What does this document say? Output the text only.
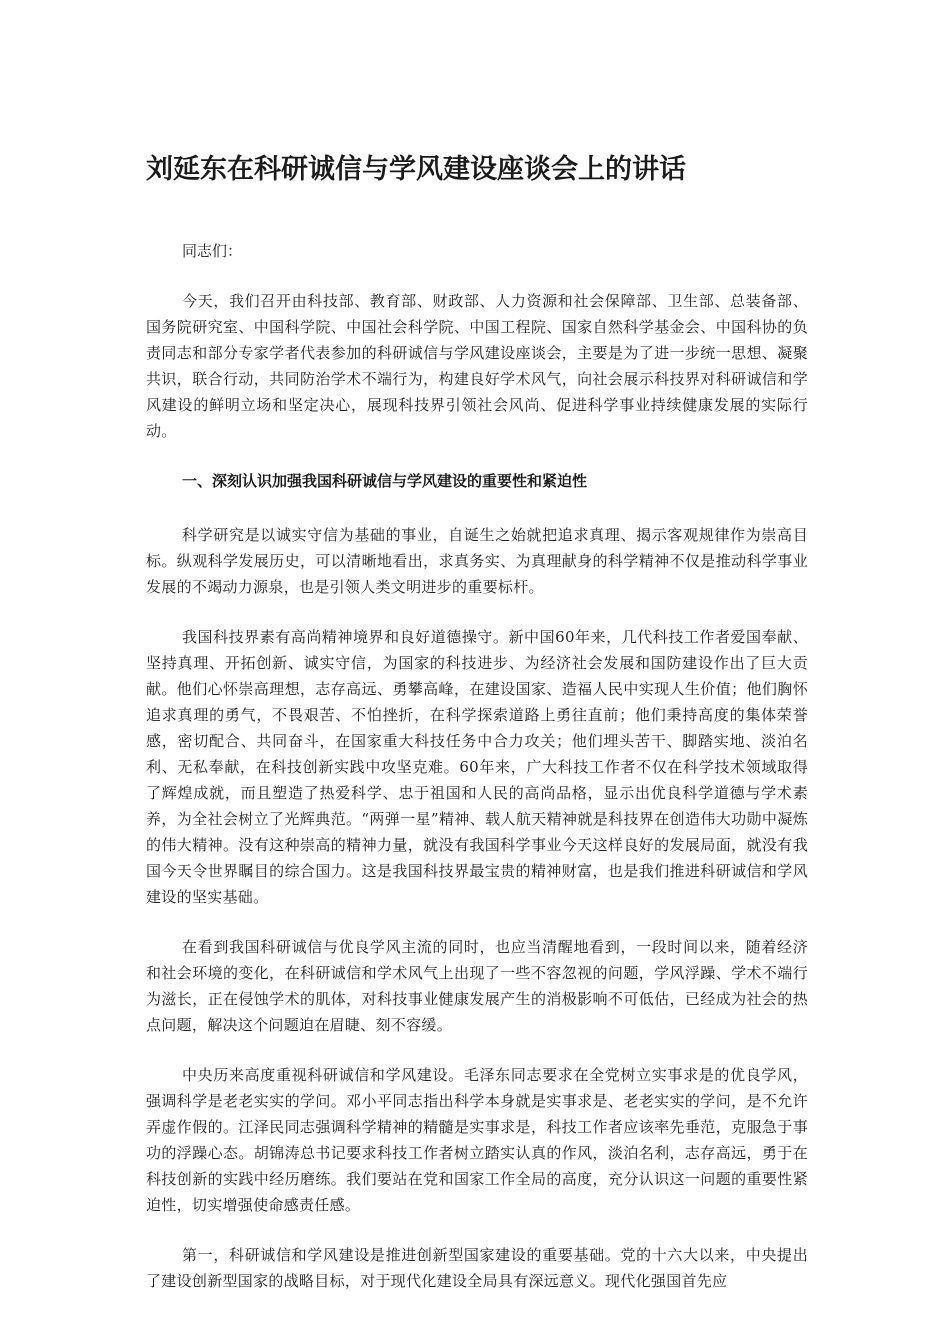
刘延东在科研诚信与学风建设座谈会上的讲话

同志们：

今天，我们召开由科技部、教育部、财政部、人力资源和社会保障部、卫生部、总装备部、国务院研究室、中国科学院、中国社会科学院、中国工程院、国家自然科学基金会、中国科协的负责同志和部分专家学者代表参加的科研诚信与学风建设座谈会，主要是为了进一步统一思想、凝聚共识，联合行动，共同防治学术不端行为，构建良好学术风气，向社会展示科技界对科研诚信和学风建设的鲜明立场和坚定决心，展现科技界引领社会风尚、促进科学事业持续健康发展的实际行动。

一、深刻认识加强我国科研诚信与学风建设的重要性和紧迫性

科学研究是以诚实守信为基础的事业，自诞生之始就把追求真理、揭示客观规律作为崇高目标。纵观科学发展历史，可以清晰地看出，求真务实、为真理献身的科学精神不仅是推动科学事业发展的不竭动力源泉，也是引领人类文明进步的重要标杆。

我国科技界素有高尚精神境界和良好道德操守。新中国60年来，几代科技工作者爱国奉献、坚持真理、开拓创新、诚实守信，为国家的科技进步、为经济社会发展和国防建设作出了巨大贡献。他们心怀崇高理想，志存高远、勇攀高峰，在建设国家、造福人民中实现人生价值；他们胸怀追求真理的勇气，不畏艰苦、不怕挫折，在科学探索道路上勇往直前；他们秉持高度的集体荣誉感，密切配合、共同奋斗，在国家重大科技任务中合力攻关；他们埋头苦干、脚踏实地、淡泊名利、无私奉献，在科技创新实践中攻坚克难。60年来，广大科技工作者不仅在科学技术领域取得了辉煌成就，而且塑造了热爱科学、忠于祖国和人民的高尚品格，显示出优良科学道德与学术素养，为全社会树立了光辉典范。“两弹一星”精神、载人航天精神就是科技界在创造伟大功勋中凝炼的伟大精神。没有这种崇高的精神力量，就没有我国科学事业今天这样良好的发展局面，就没有我国今天令世界瞩目的综合国力。这是我国科技界最宝贵的精神财富，也是我们推进科研诚信和学风建设的坚实基础。

在看到我国科研诚信与优良学风主流的同时，也应当清醒地看到，一段时间以来，随着经济和社会环境的变化，在科研诚信和学术风气上出现了一些不容忽视的问题，学风浮躁、学术不端行为滋长，正在侵蚀学术的肌体，对科技事业健康发展产生的消极影响不可低估，已经成为社会的热点问题，解决这个问题迫在眉睫、刻不容缓。

中央历来高度重视科研诚信和学风建设。毛泽东同志要求在全党树立实事求是的优良学风，强调科学是老老实实的学问。邓小平同志指出科学本身就是实事求是、老老实实的学问，是不允许弄虚作假的。江泽民同志强调科学精神的精髓是实事求是，科技工作者应该率先垂范，克服急于事功的浮躁心态。胡锦涛总书记要求科技工作者树立踏实认真的作风，淡泊名利，志存高远，勇于在科技创新的实践中经历磨练。我们要站在党和国家工作全局的高度，充分认识这一问题的重要性紧迫性，切实增强使命感责任感。

第一，科研诚信和学风建设是推进创新型国家建设的重要基础。党的十六大以来，中央提出了建设创新型国家的战略目标，对于现代化建设全局具有深远意义。现代化强国首先应
